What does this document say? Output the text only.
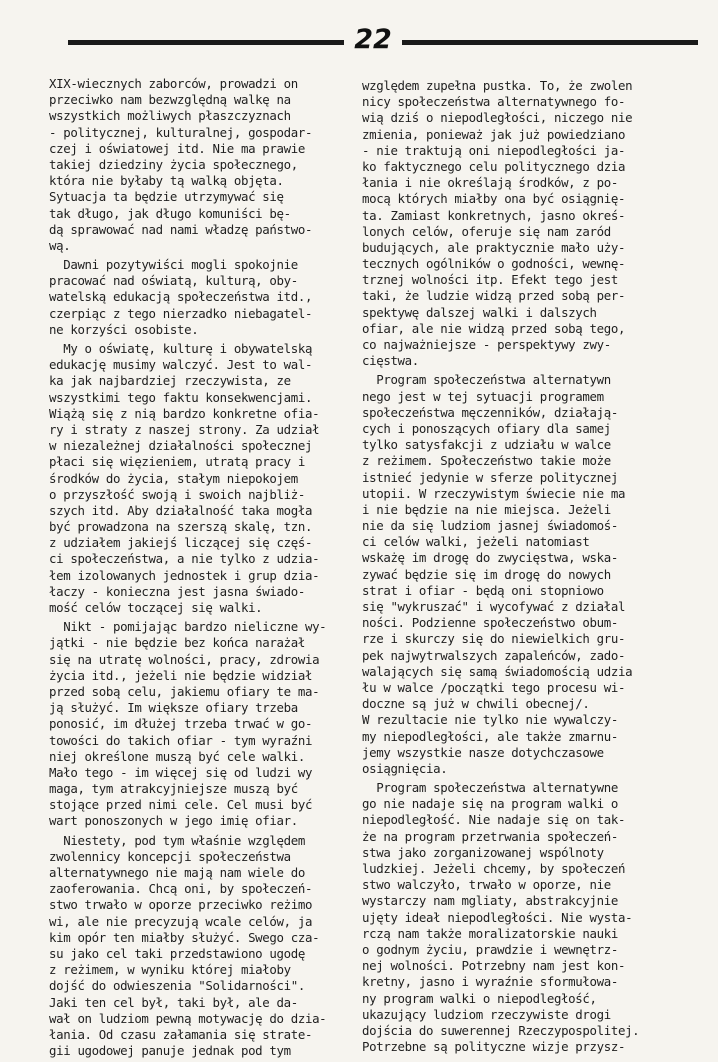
22
XIX-wiecznych zaborców, prowadzi on
przeciwko nam bezwzględną walkę na
wszystkich możliwych płaszczyznach
- politycznej, kulturalnej, gospodar-
czej i oświatowej itd. Nie ma prawie
takiej dziedziny życia społecznego,
która nie byłaby tą walką objęta.
Sytuacja ta będzie utrzymywać się
tak długo, jak długo komuniści bę-
dą sprawować nad nami władzę państwo-
wą.
Dawni pozytywiści mogli spokojnie
pracować nad oświatą, kulturą, oby-
watelską edukacją społeczeństwa itd.,
czerpiąc z tego nierzadko niebagatel-
ne korzyści osobiste.
My o oświatę, kulturę i obywatelską
edukację musimy walczyć. Jest to wal-
ka jak najbardziej rzeczywista, ze
wszystkimi tego faktu konsekwencjami.
Wiążą się z nią bardzo konkretne ofia-
ry i straty z naszej strony. Za udział
w niezależnej działalności społecznej
płaci się więzieniem, utratą pracy i
środków do życia, stałym niepokojem
o przyszłość swoją i swoich najbliż-
szych itd. Aby działalność taka mogła
być prowadzona na szerszą skalę, tzn.
z udziałem jakiejś liczącej się częś-
ci społeczeństwa, a nie tylko z udzia-
łem izolowanych jednostek i grup dzia-
łaczy - konieczna jest jasna świado-
mość celów toczącej się walki.
Nikt - pomijając bardzo nieliczne wy-
jątki - nie będzie bez końca narażał
się na utratę wolności, pracy, zdrowia
życia itd., jeżeli nie będzie widział
przed sobą celu, jakiemu ofiary te ma-
ją służyć. Im większe ofiary trzeba
ponosić, im dłużej trzeba trwać w go-
towości do takich ofiar - tym wyraźni
niej określone muszą być cele walki.
Mało tego - im więcej się od ludzi wy
maga, tym atrakcyjniejsze muszą być
stojące przed nimi cele. Cel musi być
wart ponoszonych w jego imię ofiar.
Niestety, pod tym właśnie względem
zwolennicy koncepcji społeczeństwa
alternatywnego nie mają nam wiele do
zaoferowania. Chcą oni, by społeczeń-
stwo trwało w oporze przeciwko reżimo
wi, ale nie precyzują wcale celów, ja
kim opór ten miałby służyć. Swego cza-
su jako cel taki przedstawiono ugodę
z reżimem, w wyniku której miałoby
dojść do odwieszenia "Solidarności".
Jaki ten cel był, taki był, ale da-
wał on ludziom pewną motywację do dzia-
łania. Od czasu załamania się strate-
gii ugodowej panuje jednak pod tym
względem zupełna pustka. To, że zwolen
nicy społeczeństwa alternatywnego fo-
wią dziś o niepodległości, niczego nie
zmienia, ponieważ jak już powiedziano
- nie traktują oni niepodległości ja-
ko faktycznego celu politycznego dzia
łania i nie określają środków, z po-
mocą których miałby ona być osiągnię-
ta. Zamiast konkretnych, jasno okreś-
lonych celów, oferuje się nam zaród
budujących, ale praktycznie mało uży-
tecznych ogólników o godności, wewnę-
trznej wolności itp. Efekt tego jest
taki, że ludzie widzą przed sobą per-
spektywę dalszej walki i dalszych
ofiar, ale nie widzą przed sobą tego,
co najważniejsze - perspektywy zwy-
cięstwa.
Program społeczeństwa alternatywn
nego jest w tej sytuacji programem
społeczeństwa męczenników, działają-
cych i ponoszących ofiary dla samej
tylko satysfakcji z udziału w walce
z reżimem. Społeczeństwo takie może
istnieć jedynie w sferze politycznej
utopii. W rzeczywistym świecie nie ma
i nie będzie na nie miejsca. Jeżeli
nie da się ludziom jasnej świadomoś-
ci celów walki, jeżeli natomiast
wskażę im drogę do zwycięstwa, wska-
zywać będzie się im drogę do nowych
strat i ofiar - będą oni stopniowo
się "wykruszać" i wycofywać z działal
ności. Podzienne społeczeństwo obum-
rze i skurczy się do niewielkich gru-
pek najwytrwalszych zapaleńców, zado-
walających się samą świadomością udzia
łu w walce /początki tego procesu wi-
doczne są już w chwili obecnej/.
W rezultacie nie tylko nie wywalczy-
my niepodległości, ale także zmarnu-
jemy wszystkie nasze dotychczasowe
osiągnięcia.
Program społeczeństwa alternatywne
go nie nadaje się na program walki o
niepodległość. Nie nadaje się on tak-
że na program przetrwania społeczeń-
stwa jako zorganizowanej wspólnoty
ludzkiej. Jeżeli chcemy, by społeczeń
stwo walczyło, trwało w oporze, nie
wystarczy nam mgliaty, abstrakcyjnie
ujęty ideał niepodległości. Nie wysta-
rczą nam także moralizatorskie nauki
o godnym życiu, prawdzie i wewnętrz-
nej wolności. Potrzebny nam jest kon-
kretny, jasno i wyraźnie sformułowa-
ny program walki o niepodległość,
ukazujący ludziom rzeczywiste drogi
dojścia do suwerennej Rzeczypospolitej.
Potrzebne są polityczne wizje przysz-
